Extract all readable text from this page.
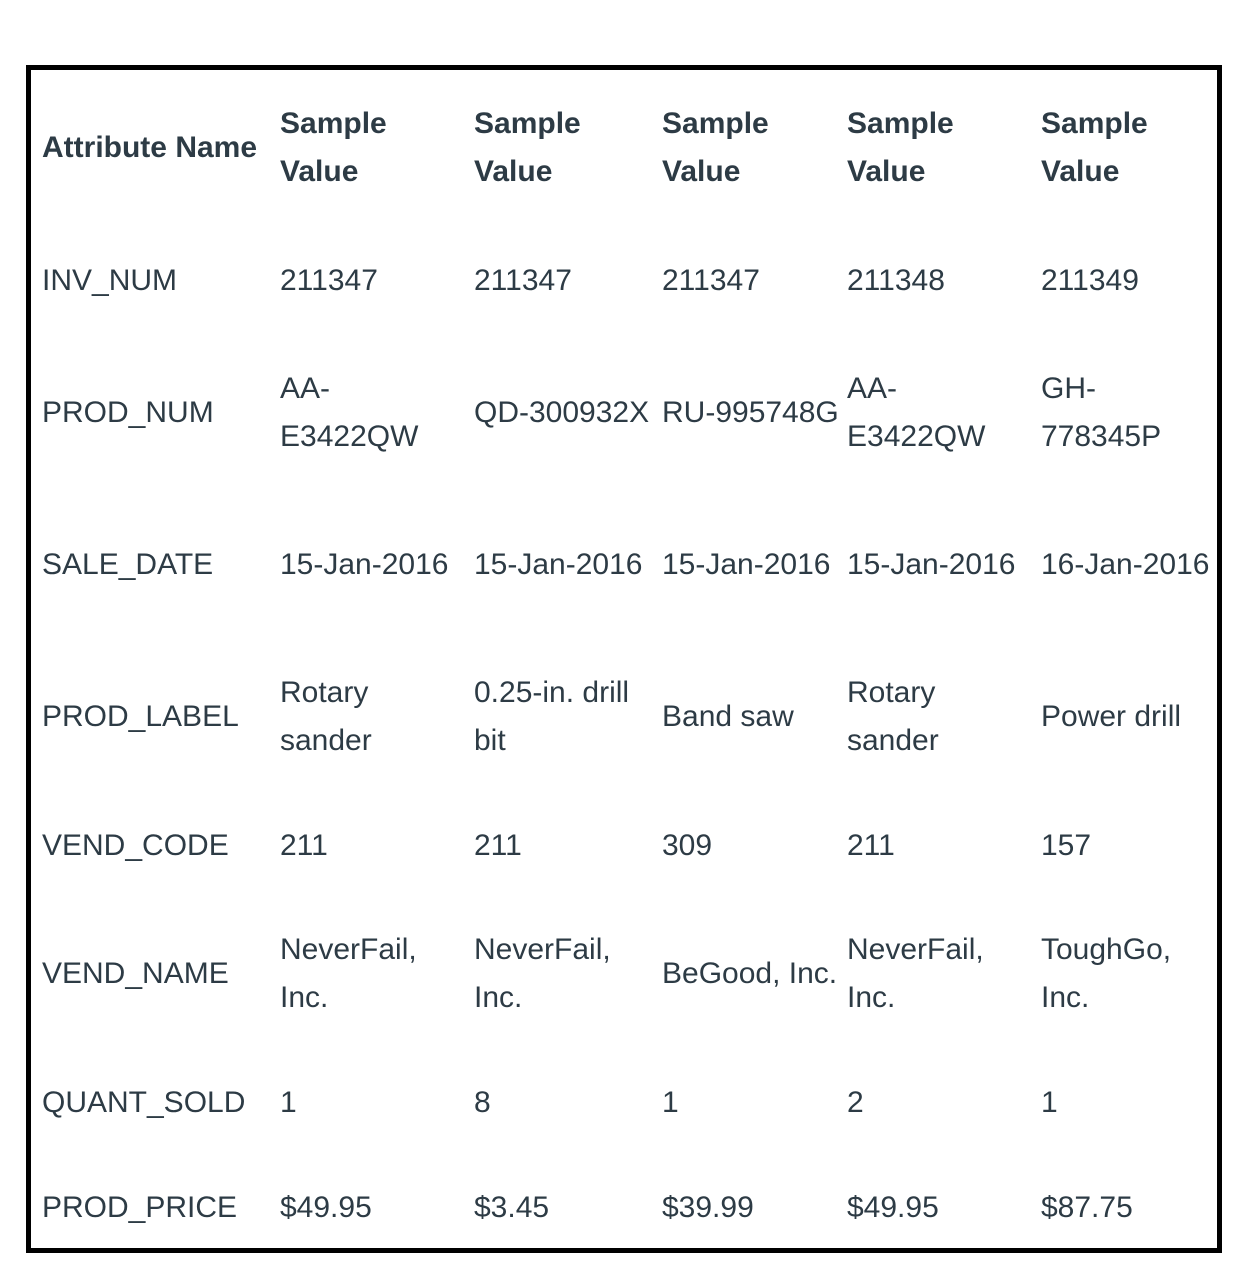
Attribute Name	Sample Value	Sample Value	Sample Value	Sample Value	Sample Value
INV_NUM	211347	211347	211347	211348	211349
PROD_NUM	AA-E3422QW	QD-300932X	RU-995748G	AA-E3422QW	GH-778345P
SALE_DATE	15-Jan-2016	15-Jan-2016	15-Jan-2016	15-Jan-2016	16-Jan-2016
PROD_LABEL	Rotary sander	0.25-in. drill bit	Band saw	Rotary sander	Power drill
VEND_CODE	211	211	309	211	157
VEND_NAME	NeverFail, Inc.	NeverFail, Inc.	BeGood, Inc.	NeverFail, Inc.	ToughGo, Inc.
QUANT_SOLD	1	8	1	2	1
PROD_PRICE	$49.95	$3.45	$39.99	$49.95	$87.75
